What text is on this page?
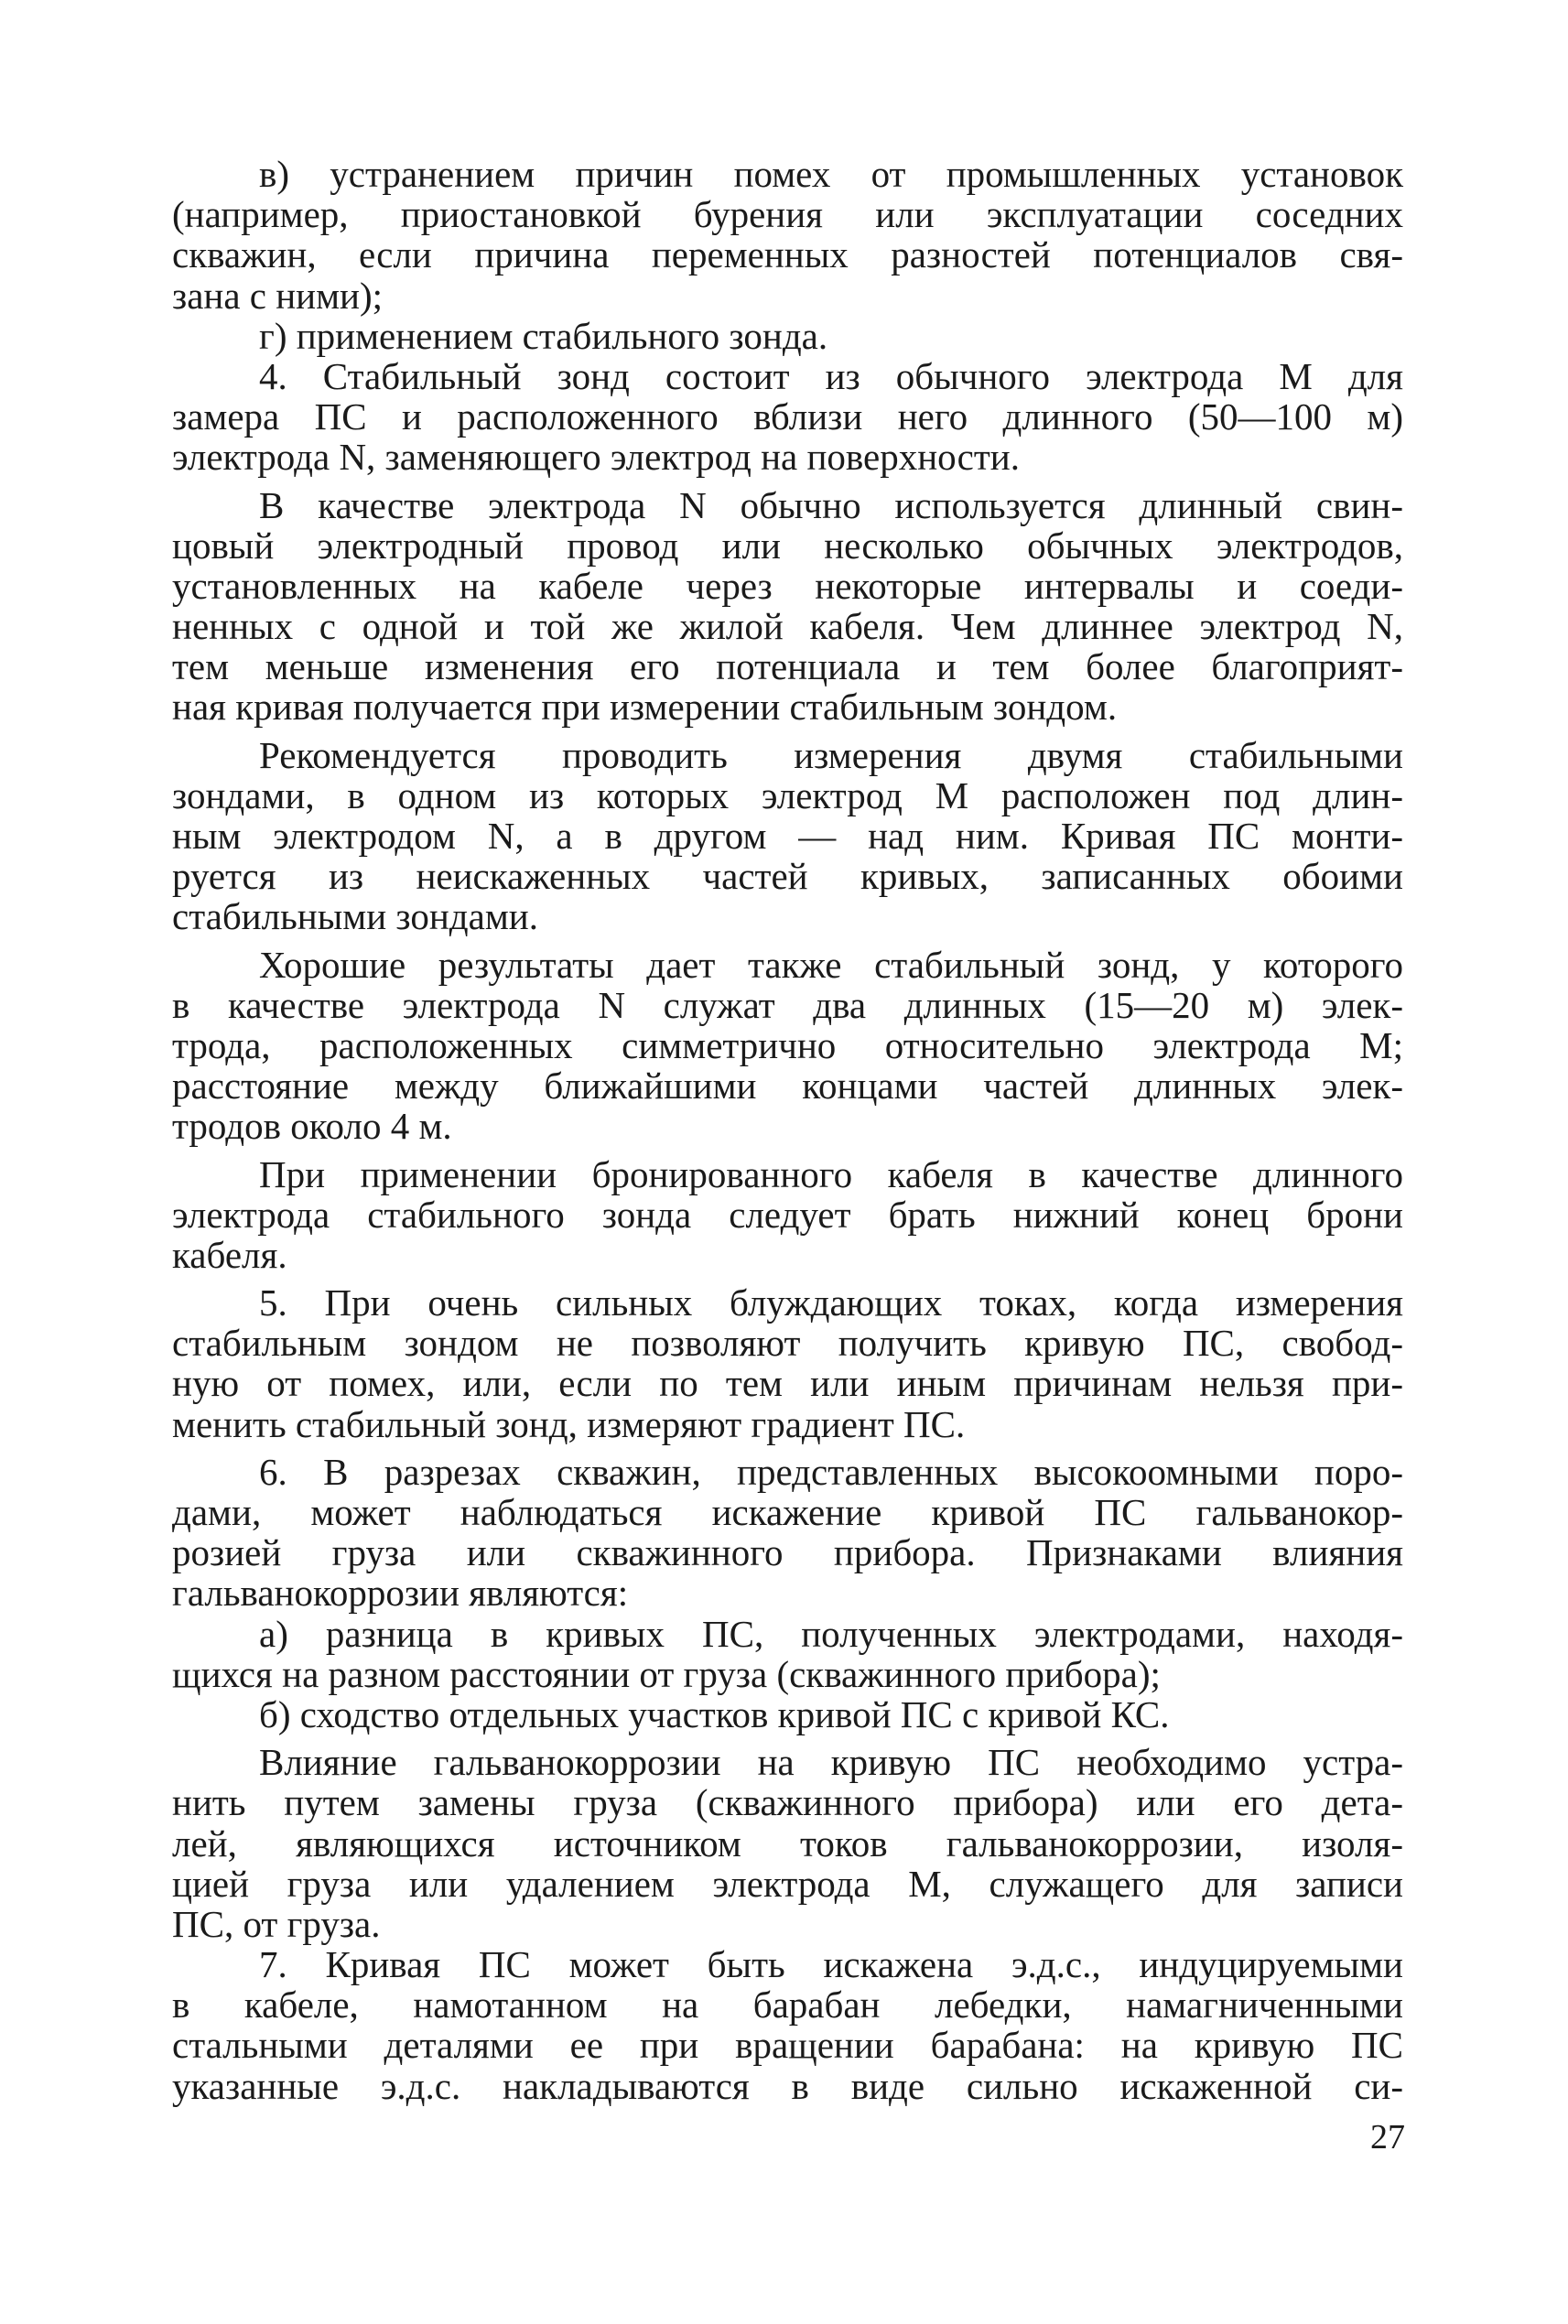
в) устранением причин помех от промышленных установок
(например, приостановкой бурения или эксплуатации соседних
скважин, если причина переменных разностей потенциалов свя-
зана с ними);
г) применением стабильного зонда.
4. Стабильный зонд состоит из обычного электрода M для
замера ПС и расположенного вблизи него длинного (50—100 м)
электрода N, заменяющего электрод на поверхности.
В качестве электрода N обычно используется длинный свин-
цовый электродный провод или несколько обычных электродов,
установленных на кабеле через некоторые интервалы и соеди-
ненных с одной и той же жилой кабеля. Чем длиннее электрод N,
тем меньше изменения его потенциала и тем более благоприят-
ная кривая получается при измерении стабильным зондом.
Рекомендуется проводить измерения двумя стабильными
зондами, в одном из которых электрод M расположен под длин-
ным электродом N, а в другом — над ним. Кривая ПС монти-
руется из неискаженных частей кривых, записанных обоими
стабильными зондами.
Хорошие результаты дает также стабильный зонд, у которого
в качестве электрода N служат два длинных (15—20 м) элек-
трода, расположенных симметрично относительно электрода M;
расстояние между ближайшими концами частей длинных элек-
тродов около 4 м.
При применении бронированного кабеля в качестве длинного
электрода стабильного зонда следует брать нижний конец брони
кабеля.
5. При очень сильных блуждающих токах, когда измерения
стабильным зондом не позволяют получить кривую ПС, свобод-
ную от помех, или, если по тем или иным причинам нельзя при-
менить стабильный зонд, измеряют градиент ПС.
6. В разрезах скважин, представленных высокоомными поро-
дами, может наблюдаться искажение кривой ПС гальванокор-
розией груза или скважинного прибора. Признаками влияния
гальванокоррозии являются:
а) разница в кривых ПС, полученных электродами, находя-
щихся на разном расстоянии от груза (скважинного прибора);
б) сходство отдельных участков кривой ПС с кривой КС.
Влияние гальванокоррозии на кривую ПС необходимо устра-
нить путем замены груза (скважинного прибора) или его дета-
лей, являющихся источником токов гальванокоррозии, изоля-
цией груза или удалением электрода M, служащего для записи
ПС, от груза.
7. Кривая ПС может быть искажена э.д.с., индуцируемыми
в кабеле, намотанном на барабан лебедки, намагниченными
стальными деталями ее при вращении барабана: на кривую ПС
указанные э.д.с. накладываются в виде сильно искаженной си-
27
